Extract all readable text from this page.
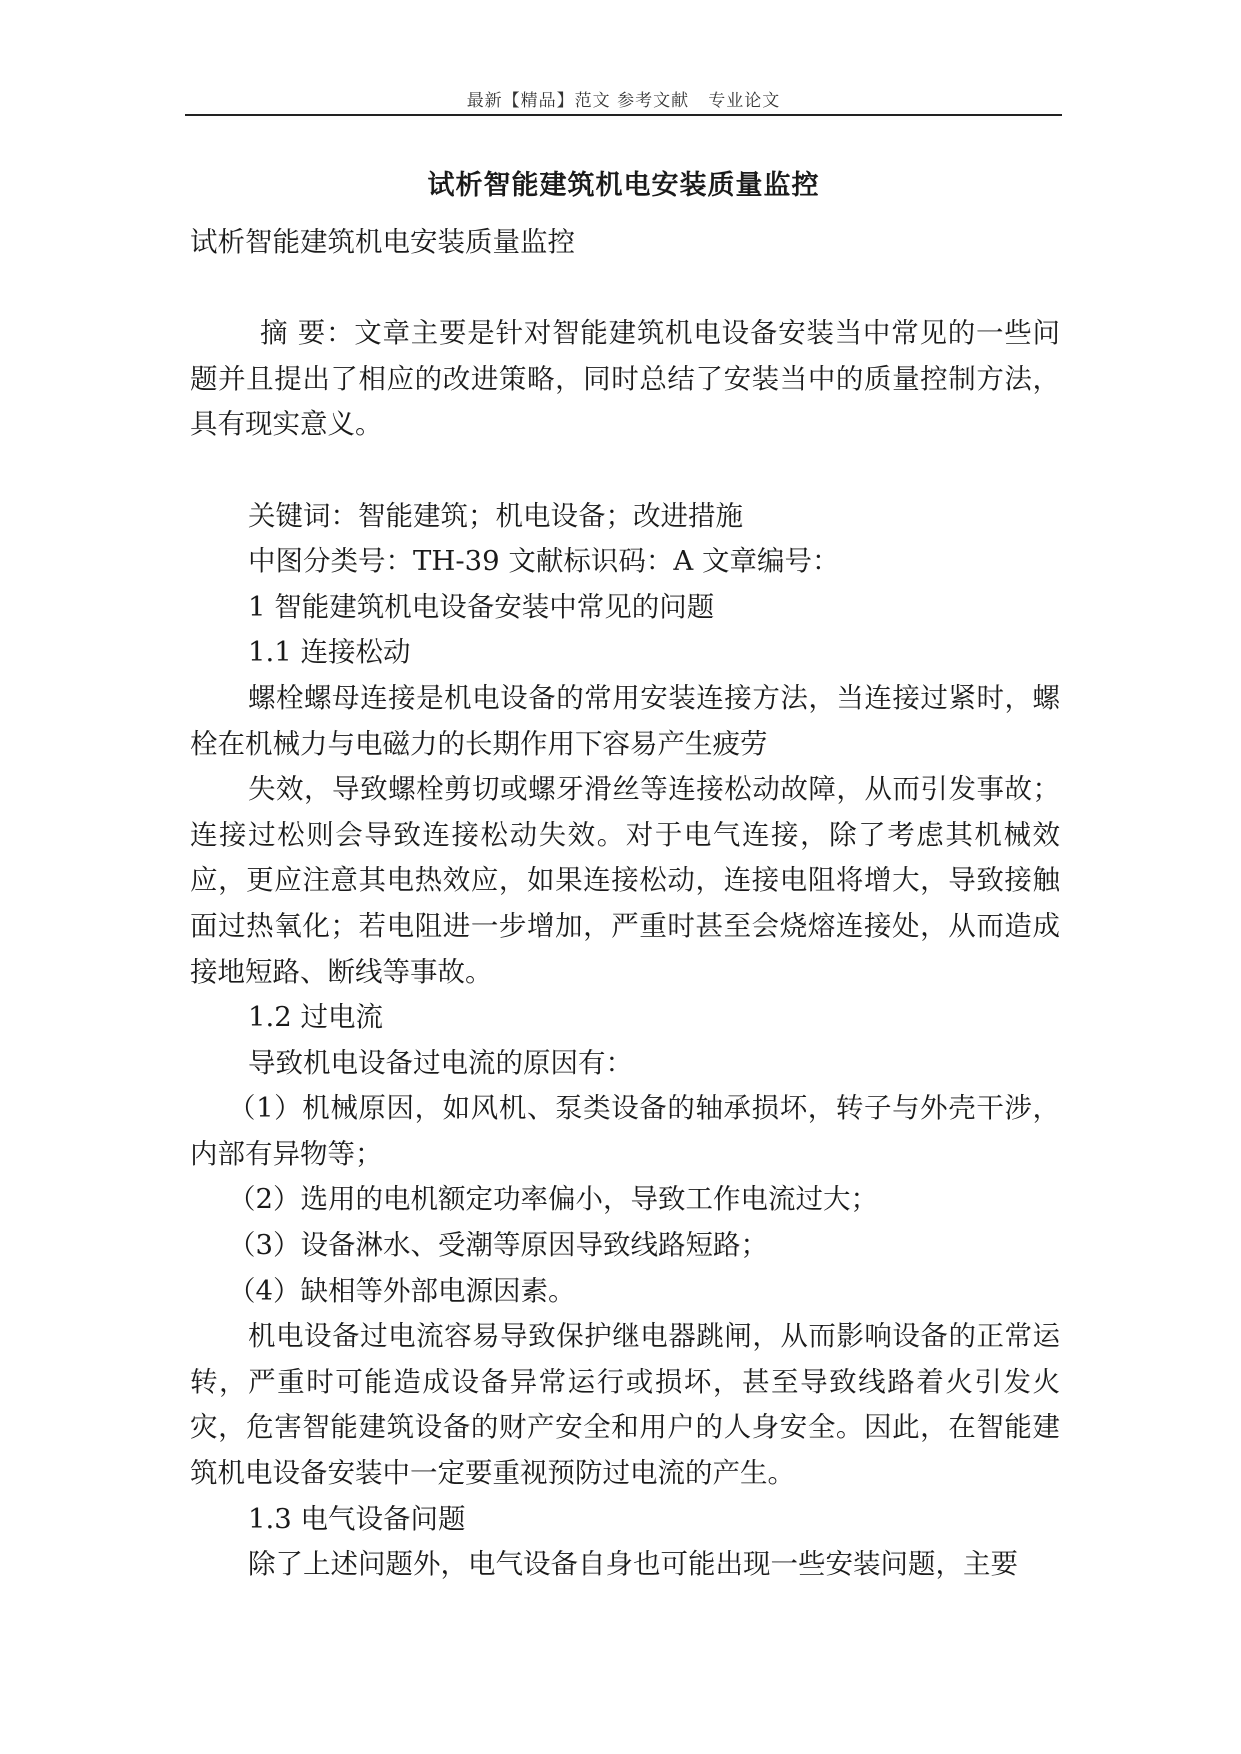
最新【精品】范文 参考文献   专业论文
试析智能建筑机电安装质量监控

试析智能建筑机电安装质量监控

摘 要：文章主要是针对智能建筑机电设备安装当中常见的一些问题并且提出了相应的改进策略，同时总结了安装当中的质量控制方法，具有现实意义。

关键词：智能建筑；机电设备；改进措施

中图分类号：TH-39 文献标识码：A 文章编号：

1 智能建筑机电设备安装中常见的问题

1.1 连接松动

螺栓螺母连接是机电设备的常用安装连接方法，当连接过紧时，螺栓在机械力与电磁力的长期作用下容易产生疲劳

失效，导致螺栓剪切或螺牙滑丝等连接松动故障，从而引发事故；连接过松则会导致连接松动失效。对于电气连接，除了考虑其机械效应，更应注意其电热效应，如果连接松动，连接电阻将增大，导致接触面过热氧化；若电阻进一步增加，严重时甚至会烧熔连接处，从而造成接地短路、断线等事故。

1.2 过电流

导致机电设备过电流的原因有：

（1）机械原因，如风机、泵类设备的轴承损坏，转子与外壳干涉，内部有异物等；

（2）选用的电机额定功率偏小，导致工作电流过大；

（3）设备淋水、受潮等原因导致线路短路；

（4）缺相等外部电源因素。

机电设备过电流容易导致保护继电器跳闸，从而影响设备的正常运转，严重时可能造成设备异常运行或损坏，甚至导致线路着火引发火灾，危害智能建筑设备的财产安全和用户的人身安全。因此，在智能建筑机电设备安装中一定要重视预防过电流的产生。

1.3 电气设备问题

除了上述问题外，电气设备自身也可能出现一些安装问题，主要
